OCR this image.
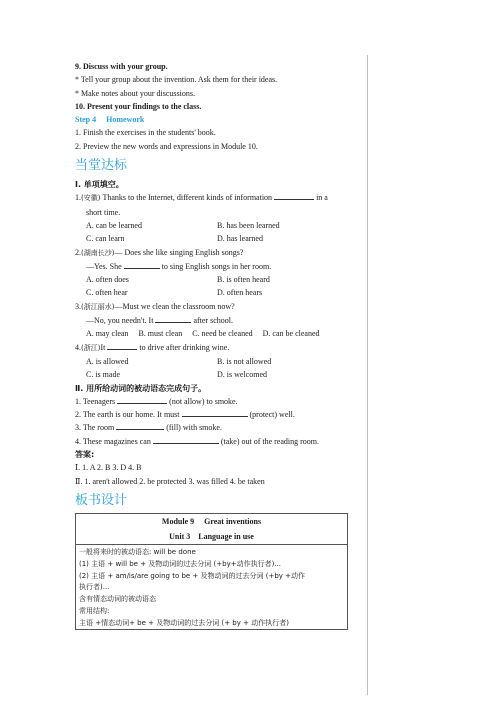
9. Discuss with your group.
* Tell your group about the invention. Ask them for their ideas.
* Make notes about your discussions.
10. Present your findings to the class.
Step 4 Homework
1. Finish the exercises in the students' book.
2. Preview the new words and expressions in Module 10.
当堂达标
Ⅰ. 单项填空。
1.(安徽) Thanks to the Internet, different kinds of information	in a
short time.
A. can be learned	B. has been learned
C. can learn	D. has learned
2.(湖南长沙)— Does she like singing English songs?
—Yes. She	to sing English songs in her room.
A. often does	B. is often heard
C. often hear	D. often hears
3.(浙江丽水)—Must we clean the classroom now?
—No, you needn't. It	after school.
A. may clean B. must clean C. need be cleaned D. can be cleaned
4.(浙江)It	to drive after drinking wine.
A. is allowed	B. is not allowed
C. is made	D. is welcomed
Ⅱ. 用所给动词的被动语态完成句子。
1. Teenagers	(not allow) to smoke.
2. The earth is our home. It must	(protect) well.
3. The room	(fill) with smoke.
4. These magazines can	(take) out of the reading room.
答案:
Ⅰ. 1. A 2. B 3. D 4. B
Ⅱ. 1. aren't allowed 2. be protected 3. was filled 4. be taken
板书设计
Module 9 Great inventions
Unit 3 Language in use
一般将来时的被动语态: will be done
(1) 主语 + will be + 及物动词的过去分词 (+by+动作执行者)...
(2) 主语 + am/is/are going to be + 及物动词的过去分词 (+by +动作
执行者)...
含有情态动词的被动语态
常用结构:
主语 +情态动词+ be + 及物动词的过去分词 (+ by + 动作执行者)
